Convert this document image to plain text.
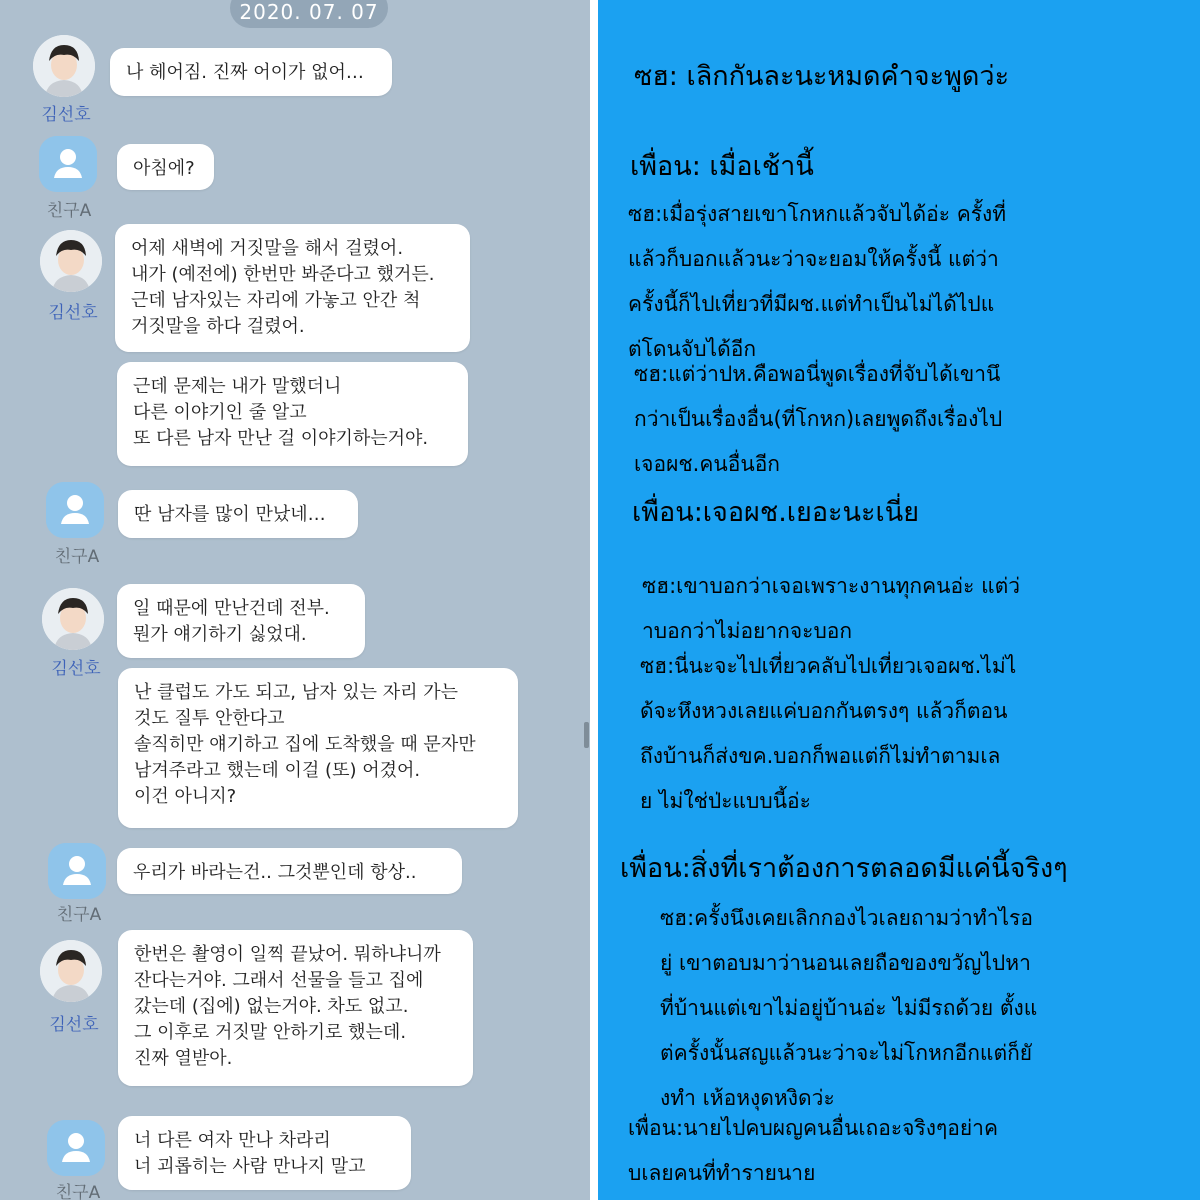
2020. 07. 07
김선호
나 헤어짐. 진짜 어이가 없어…
친구A
아침에?
김선호
어제 새벽에 거짓말을 해서 걸렸어.
내가 (예전에) 한번만 봐준다고 했거든.
근데 남자있는 자리에 가놓고 안간 척
거짓말을 하다 걸렸어.
근데 문제는 내가 말했더니
다른 이야기인 줄 알고
또 다른 남자 만난 걸 이야기하는거야.
친구A
딴 남자를 많이 만났네…
김선호
일 때문에 만난건데 전부.
뭔가 얘기하기 싫었대.
난 클럽도 가도 되고, 남자 있는 자리 가는
것도 질투 안한다고
솔직히만 얘기하고 집에 도착했을 때 문자만
남겨주라고 했는데 이걸 (또) 어겼어.
이건 아니지?
친구A
우리가 바라는건.. 그것뿐인데 항상..
김선호
한번은 촬영이 일찍 끝났어. 뭐하냐니까
잔다는거야. 그래서 선물을 들고 집에
갔는데 (집에) 없는거야. 차도 없고.
그 이후로 거짓말 안하기로 했는데.
진짜 열받아.
친구A
너 다른 여자 만나 차라리
너 괴롭히는 사람 만나지 말고
ซฮ: เลิกกันละนะหมดคำจะพูดว่ะ
เพื่อน: เมื่อเช้านี้
ซฮ:เมื่อรุ่งสายเขาโกหกแล้วจับได้อ่ะ ครั้งที่
แล้วก็บอกแล้วนะว่าจะยอมให้ครั้งนี้ แต่ว่า
ครั้งนี้ก็ไปเที่ยวที่มีผช.แต่ทำเป็นไม่ได้ไปแ
ต่โดนจับได้อีก
ซฮ:แต่ว่าปห.คือพอนี่พูดเรื่องที่จับได้เขานึ
กว่าเป็นเรื่องอื่น(ที่โกหก)เลยพูดถึงเรื่องไป
เจอผช.คนอื่นอีก
เพื่อน:เจอผช.เยอะนะเนี่ย
ซฮ:เขาบอกว่าเจอเพราะงานทุกคนอ่ะ แต่ว่
าบอกว่าไม่อยากจะบอก
ซฮ:นี่นะจะไปเที่ยวคลับไปเที่ยวเจอผช.ไม่ไ
ด้จะหึงหวงเลยแค่บอกกันตรงๆ แล้วก็ตอน
ถึงบ้านก็ส่งขค.บอกก็พอแต่ก็ไม่ทำตามเล
ย ไม่ใช่ป่ะแบบนี้อ่ะ
เพื่อน:สิ่งที่เราต้องการตลอดมีแค่นี้จริงๆ
ซฮ:ครั้งนึงเคยเลิกกองไวเลยถามว่าทำไรอ
ยู่ เขาตอบมาว่านอนเลยถือของขวัญไปหา
ที่บ้านแต่เขาไม่อยู่บ้านอ่ะ ไม่มีรถด้วย ตั้งแ
ต่ครั้งนั้นสญแล้วนะว่าจะไม่โกหกอีกแต่ก็ยั
งทำ เห้อหงุดหงิดว่ะ
เพื่อน:นายไปคบผญคนอื่นเถอะจริงๆอย่าค
บเลยคนที่ทำรายนาย
